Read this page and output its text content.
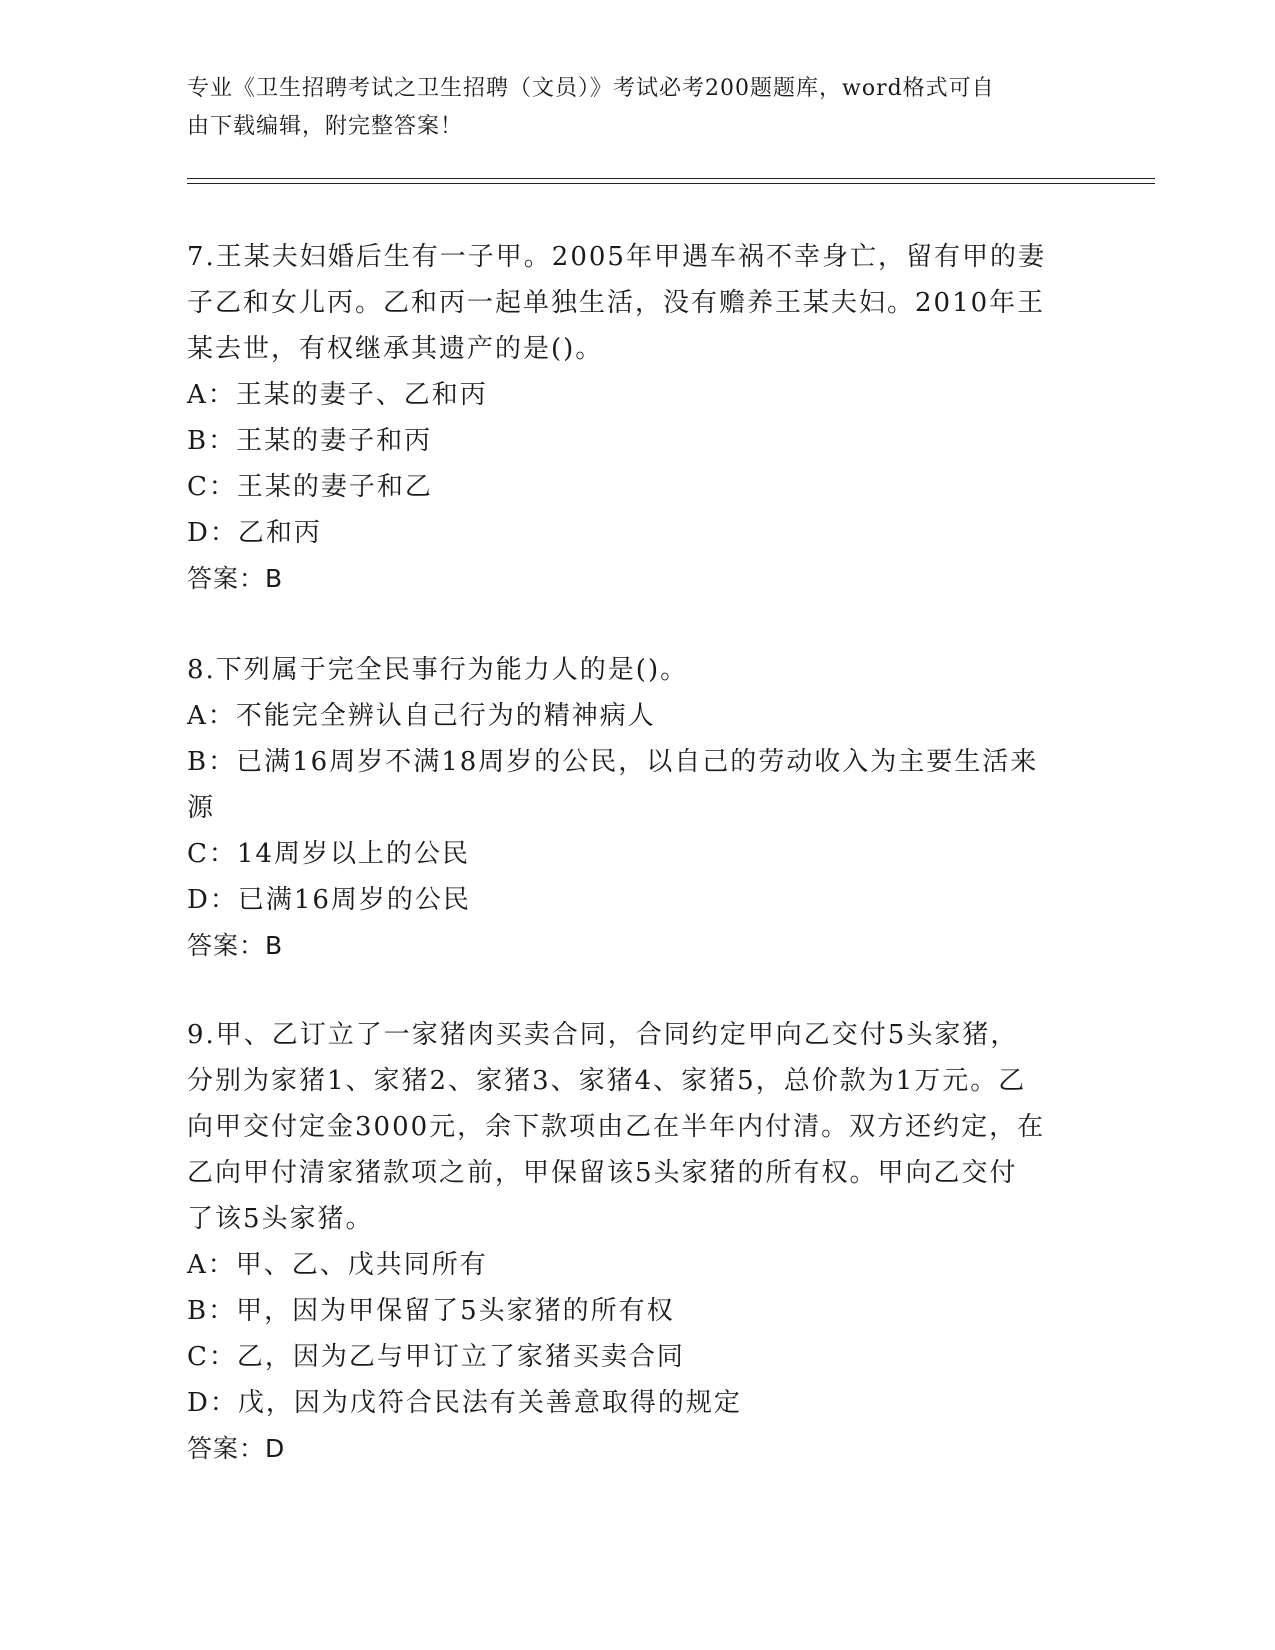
专业《卫生招聘考试之卫生招聘（文员）》考试必考200题题库，word格式可自
由下载编辑，附完整答案！
7.王某夫妇婚后生有一子甲。2005年甲遇车祸不幸身亡，留有甲的妻
子乙和女儿丙。乙和丙一起单独生活，没有赡养王某夫妇。2010年王
某去世，有权继承其遗产的是()。
A：王某的妻子、乙和丙
B：王某的妻子和丙
C：王某的妻子和乙
D：乙和丙
答案：B
8.下列属于完全民事行为能力人的是()。
A：不能完全辨认自己行为的精神病人
B：已满16周岁不满18周岁的公民，以自己的劳动收入为主要生活来
源
C：14周岁以上的公民
D：已满16周岁的公民
答案：B
9.甲、乙订立了一家猪肉买卖合同，合同约定甲向乙交付5头家猪，
分别为家猪1、家猪2、家猪3、家猪4、家猪5，总价款为1万元。乙
向甲交付定金3000元，余下款项由乙在半年内付清。双方还约定，在
乙向甲付清家猪款项之前，甲保留该5头家猪的所有权。甲向乙交付
了该5头家猪。
A：甲、乙、戊共同所有
B：甲，因为甲保留了5头家猪的所有权
C：乙，因为乙与甲订立了家猪买卖合同
D：戊，因为戊符合民法有关善意取得的规定
答案：D
